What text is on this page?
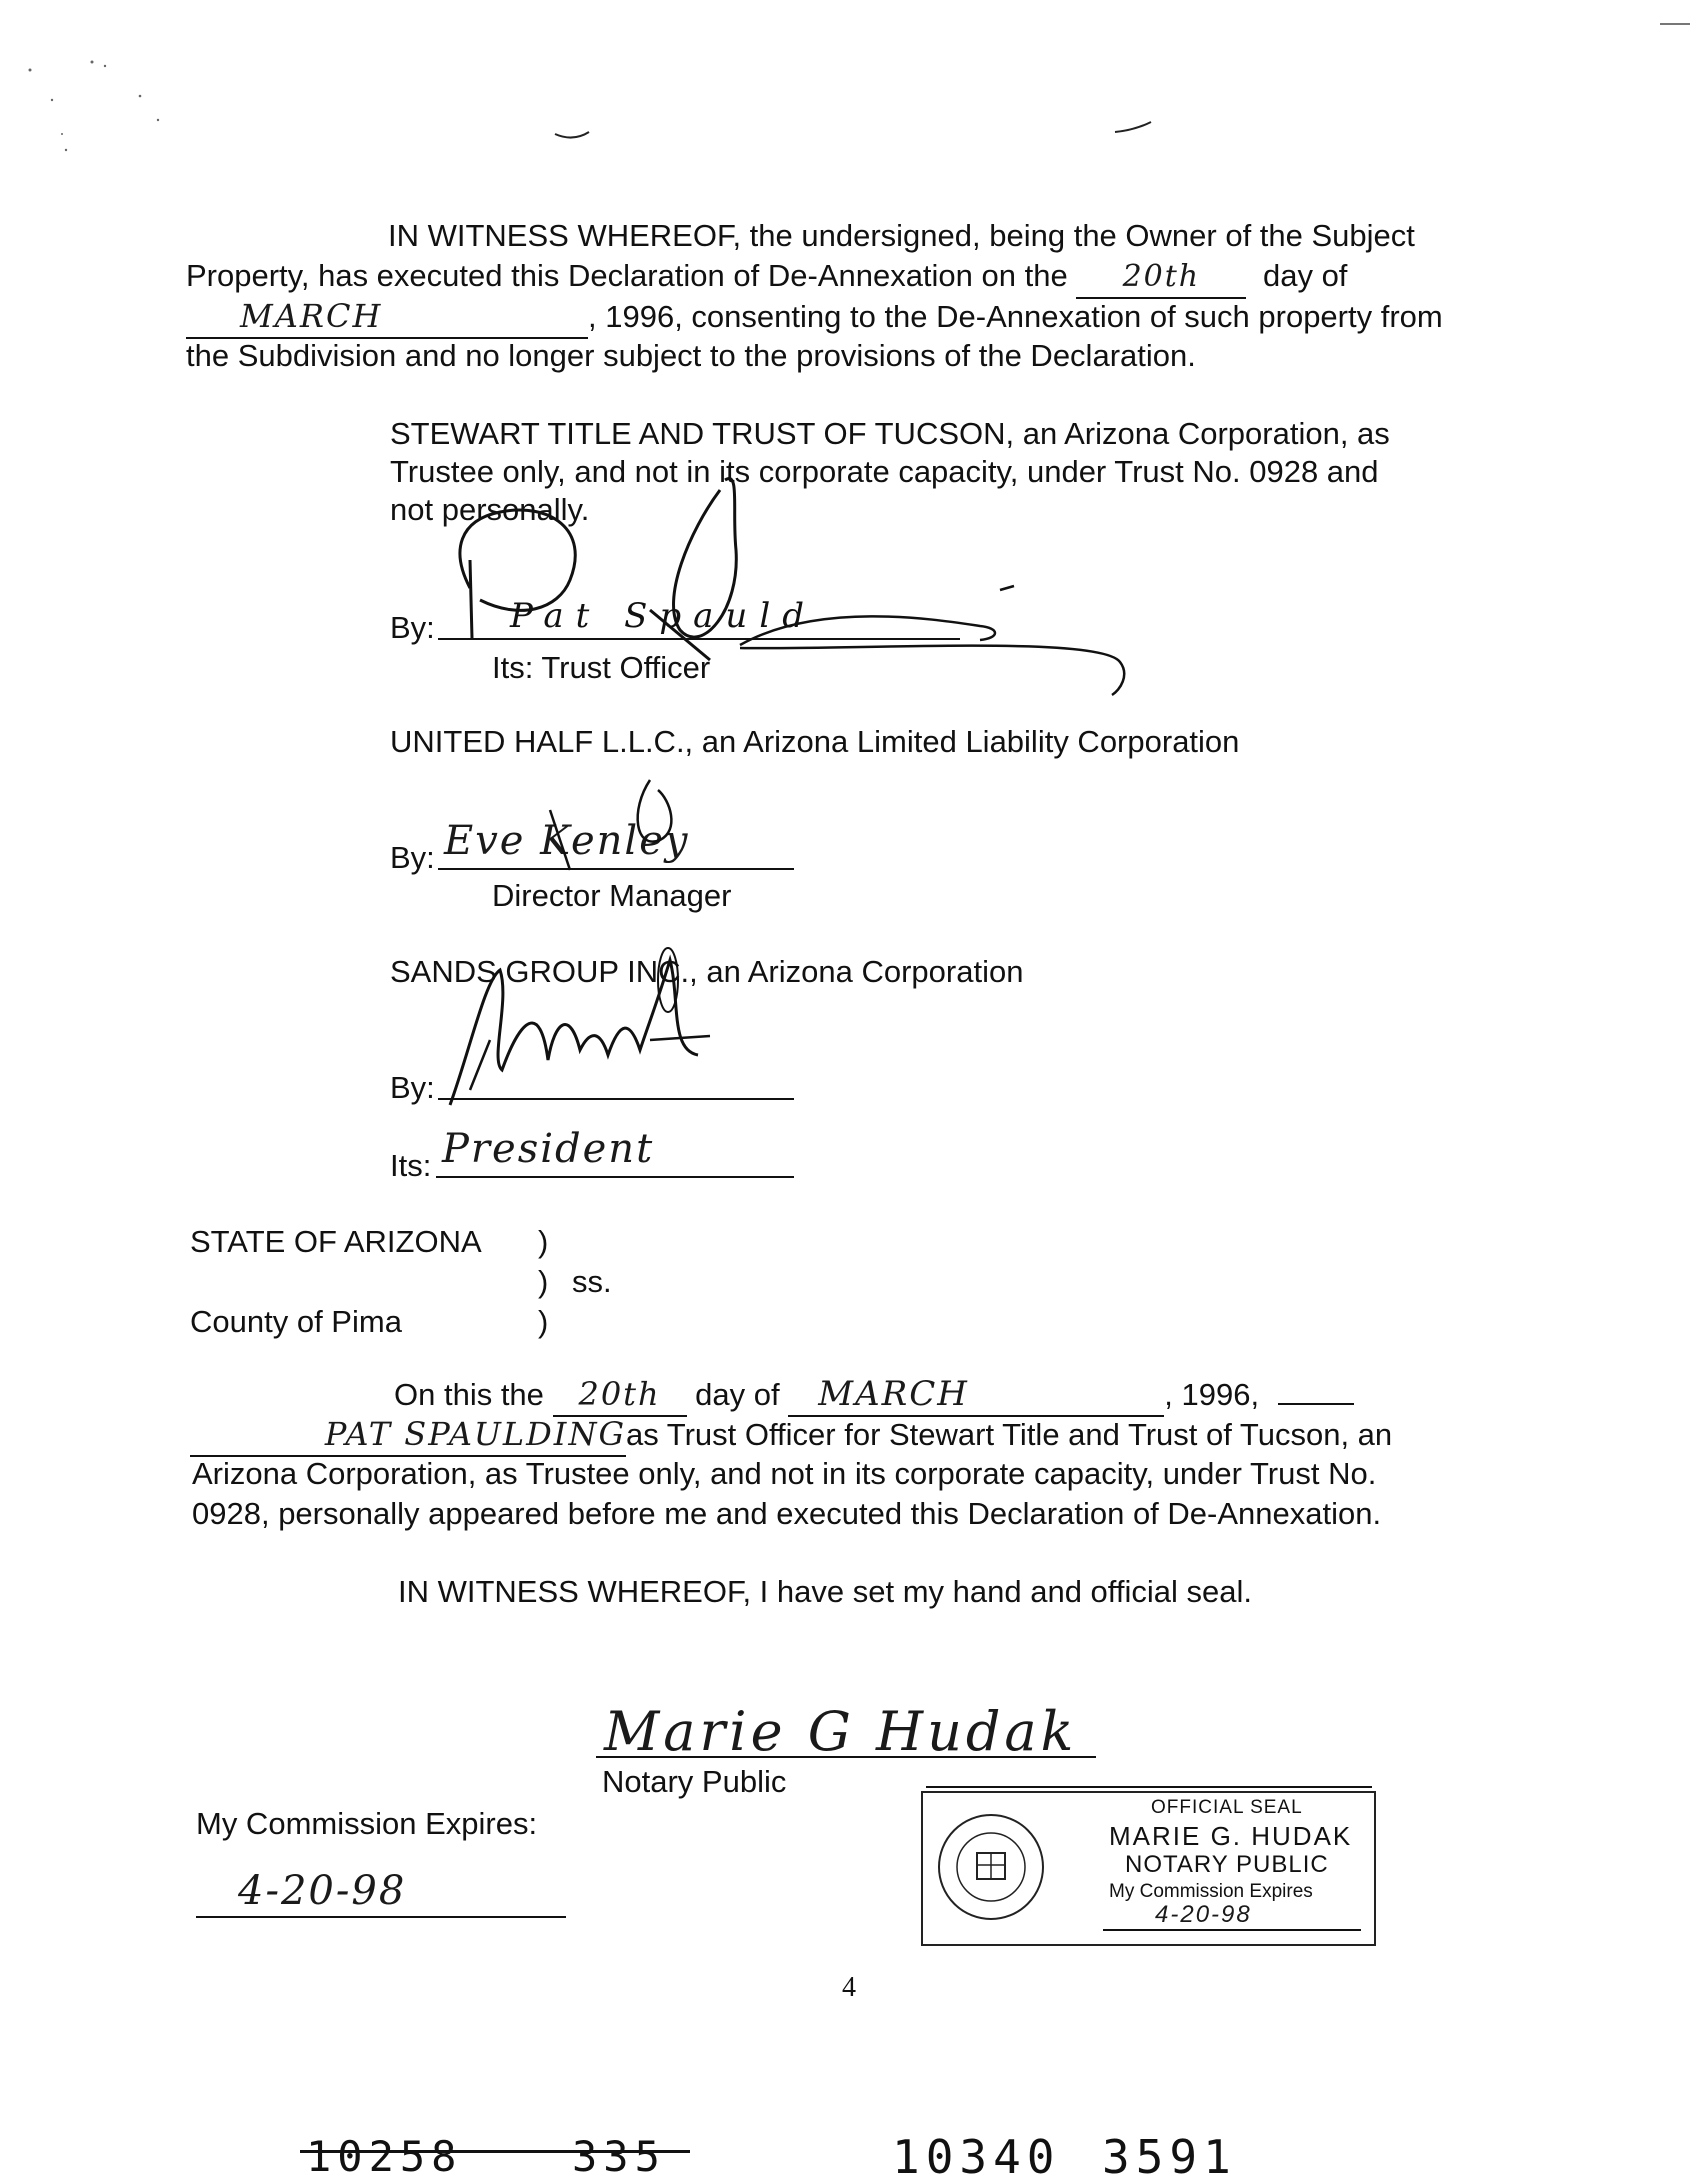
IN WITNESS WHEREOF, the undersigned, being the Owner of the Subject
Property, has executed this Declaration of De-Annexation on the 20th day of
MARCH	, 1996, consenting to the De-Annexation of such property from
the Subdivision and no longer subject to the provisions of the Declaration.
STEWART TITLE AND TRUST OF TUCSON, an Arizona Corporation, as
Trustee only, and not in its corporate capacity, under Trust No. 0928 and
not personally.
By:
Its: Trust Officer
Pat Spauld
UNITED HALF L.L.C., an Arizona Limited Liability Corporation
By: Eve Kenley
Director Manager
SANDS GROUP INC., an Arizona Corporation
By:
Its: President
STATE OF ARIZONA )
) ss.
County of Pima	)
On this the 20th day of MARCH	, 1996,
PAT SPAULDINGas Trust Officer for Stewart Title and Trust of Tucson, an
Arizona Corporation, as Trustee only, and not in its corporate capacity, under Trust No.
0928, personally appeared before me and executed this Declaration of De-Annexation.
IN WITNESS WHEREOF, I have set my hand and official seal.
Marie G Hudak
Notary Public
My Commission Expires:
4-20-98
OFFICIAL SEAL
MARIE G. HUDAK
NOTARY PUBLIC
My Commission Expires
4-20-98
4
10258	335	10340 3591
